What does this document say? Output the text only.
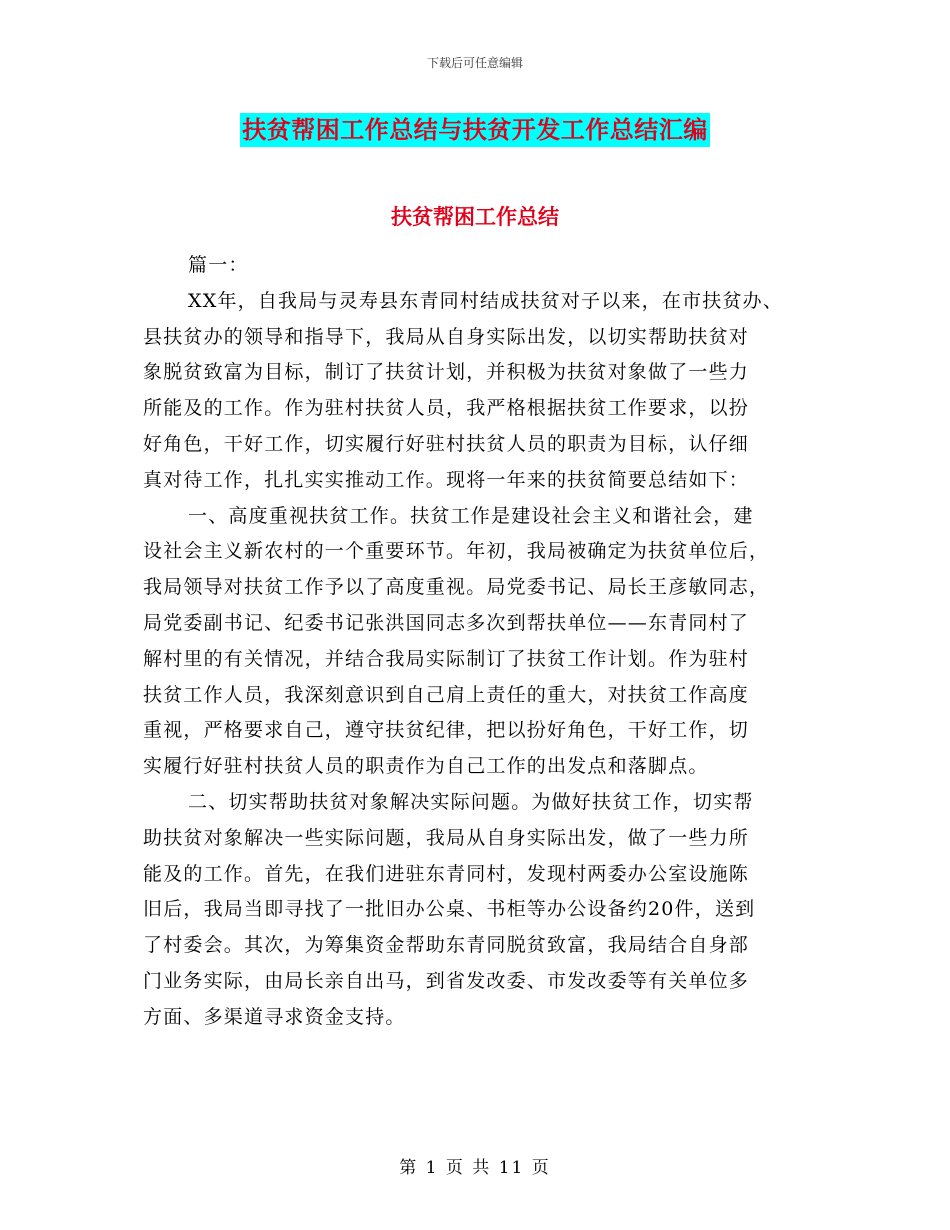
下载后可任意编辑
扶贫帮困工作总结与扶贫开发工作总结汇编
扶贫帮困工作总结
篇一：
XX年，自我局与灵寿县东青同村结成扶贫对子以来，在市扶贫办、
县扶贫办的领导和指导下，我局从自身实际出发，以切实帮助扶贫对
象脱贫致富为目标，制订了扶贫计划，并积极为扶贫对象做了一些力
所能及的工作。作为驻村扶贫人员，我严格根据扶贫工作要求，以扮
好角色，干好工作，切实履行好驻村扶贫人员的职责为目标，认仔细
真对待工作，扎扎实实推动工作。现将一年来的扶贫简要总结如下：
一、高度重视扶贫工作。扶贫工作是建设社会主义和谐社会，建
设社会主义新农村的一个重要环节。年初，我局被确定为扶贫单位后，
我局领导对扶贫工作予以了高度重视。局党委书记、局长王彦敏同志，
局党委副书记、纪委书记张洪国同志多次到帮扶单位——东青同村了
解村里的有关情况，并结合我局实际制订了扶贫工作计划。作为驻村
扶贫工作人员，我深刻意识到自己肩上责任的重大，对扶贫工作高度
重视，严格要求自己，遵守扶贫纪律，把以扮好角色，干好工作，切
实履行好驻村扶贫人员的职责作为自己工作的出发点和落脚点。
二、切实帮助扶贫对象解决实际问题。为做好扶贫工作，切实帮
助扶贫对象解决一些实际问题，我局从自身实际出发，做了一些力所
能及的工作。首先，在我们进驻东青同村，发现村两委办公室设施陈
旧后，我局当即寻找了一批旧办公桌、书柜等办公设备约20件，送到
了村委会。其次，为筹集资金帮助东青同脱贫致富，我局结合自身部
门业务实际，由局长亲自出马，到省发改委、市发改委等有关单位多
方面、多渠道寻求资金支持。
第 1 页 共 11 页
